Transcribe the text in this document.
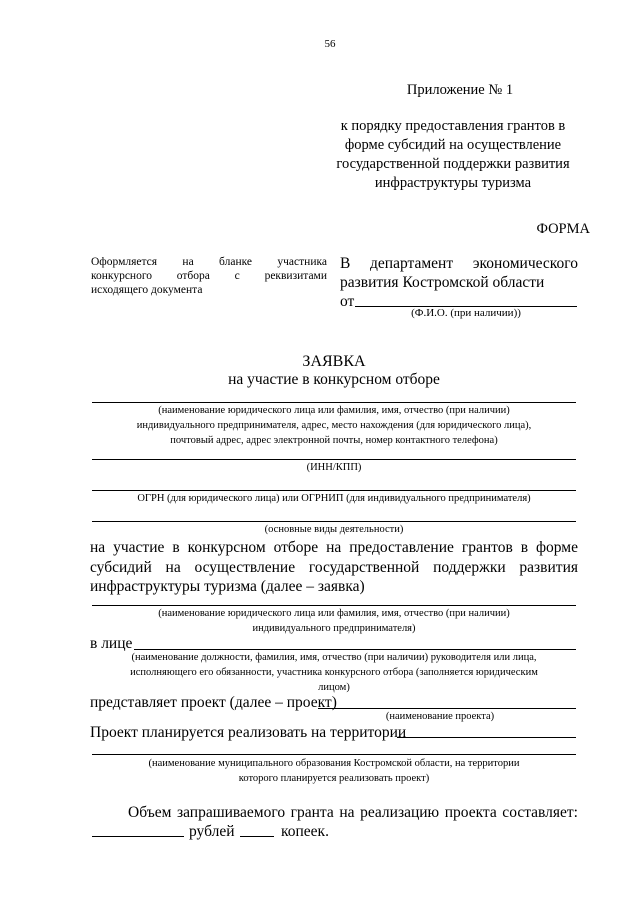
56
Приложение № 1
к порядку предоставления грантов в
форме субсидий на осуществление
государственной поддержки развития
инфраструктуры туризма
ФОРМА
Оформляется на бланке участника
конкурсного отбора с реквизитами
исходящего документа
В департамент экономического
развития Костромской области
от
(Ф.И.О. (при наличии))
ЗАЯВКА
на участие в конкурсном отборе
(наименование юридического лица или фамилия, имя, отчество (при наличии)
индивидуального предпринимателя, адрес, место нахождения (для юридического лица),
почтовый адрес, адрес электронной почты, номер контактного телефона)
(ИНН/КПП)
ОГРН (для юридического лица) или ОГРНИП (для индивидуального предпринимателя)
(основные виды деятельности)
на участие в конкурсном отборе на предоставление грантов в форме
субсидий на осуществление государственной поддержки развития
инфраструктуры туризма (далее – заявка)
(наименование юридического лица или фамилия, имя, отчество (при наличии)
индивидуального предпринимателя)
в лице
(наименование должности, фамилия, имя, отчество (при наличии) руководителя или лица,
исполняющего его обязанности, участника конкурсного отбора (заполняется юридическим
лицом)
представляет проект (далее – проект)
(наименование проекта)
Проект планируется реализовать на территории
(наименование муниципального образования Костромской области, на территории
которого планируется реализовать проект)
Объем запрашиваемого гранта на реализацию проекта составляет:
рублей	копеек.
